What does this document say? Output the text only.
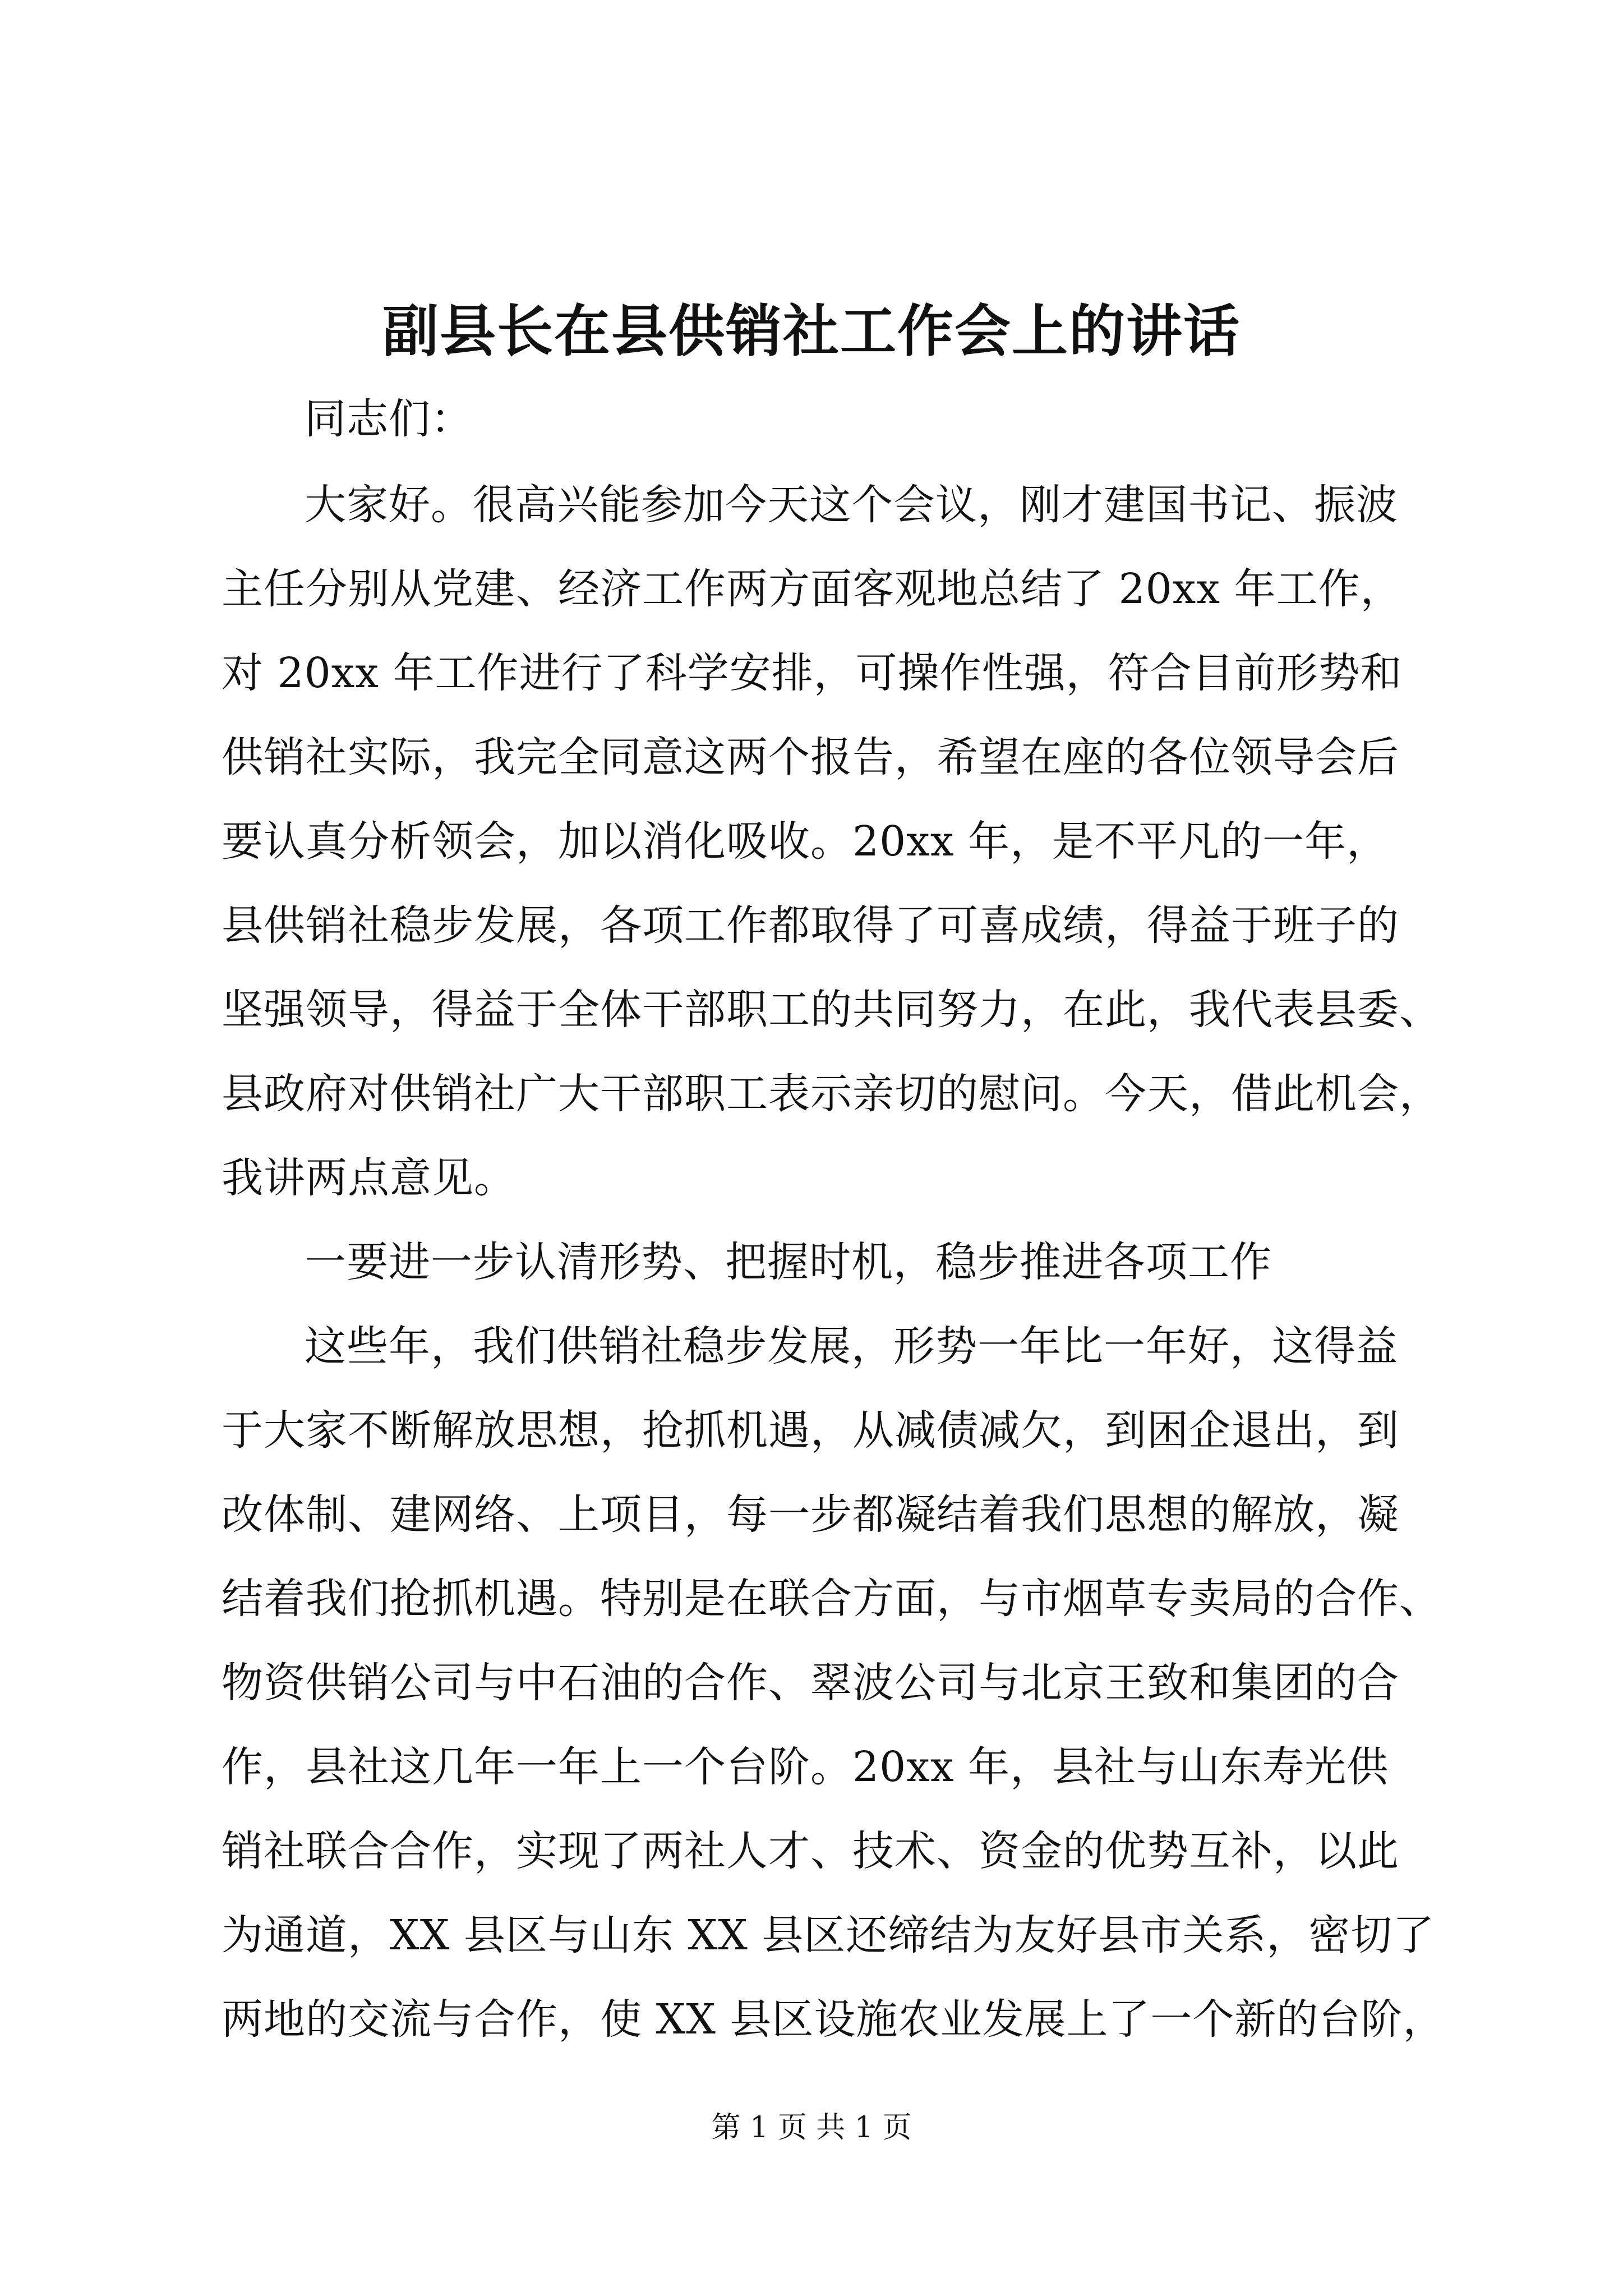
副县长在县供销社工作会上的讲话

同志们：

大家好。很高兴能参加今天这个会议，刚才建国书记、振波

主任分别从党建、经济工作两方面客观地总结了 20xx 年工作，

对 20xx 年工作进行了科学安排，可操作性强，符合目前形势和

供销社实际，我完全同意这两个报告，希望在座的各位领导会后

要认真分析领会，加以消化吸收。20xx 年，是不平凡的一年，

县供销社稳步发展，各项工作都取得了可喜成绩，得益于班子的

坚强领导，得益于全体干部职工的共同努力，在此，我代表县委、

县政府对供销社广大干部职工表示亲切的慰问。今天，借此机会，

我讲两点意见。

一要进一步认清形势、把握时机，稳步推进各项工作

这些年，我们供销社稳步发展，形势一年比一年好，这得益

于大家不断解放思想，抢抓机遇，从减债减欠，到困企退出，到

改体制、建网络、上项目，每一步都凝结着我们思想的解放，凝

结着我们抢抓机遇。特别是在联合方面，与市烟草专卖局的合作、

物资供销公司与中石油的合作、翠波公司与北京王致和集团的合

作，县社这几年一年上一个台阶。20xx 年，县社与山东寿光供

销社联合合作，实现了两社人才、技术、资金的优势互补，以此

为通道，XX 县区与山东 XX 县区还缔结为友好县市关系，密切了

两地的交流与合作，使 XX 县区设施农业发展上了一个新的台阶，

第 1 页 共 1 页
